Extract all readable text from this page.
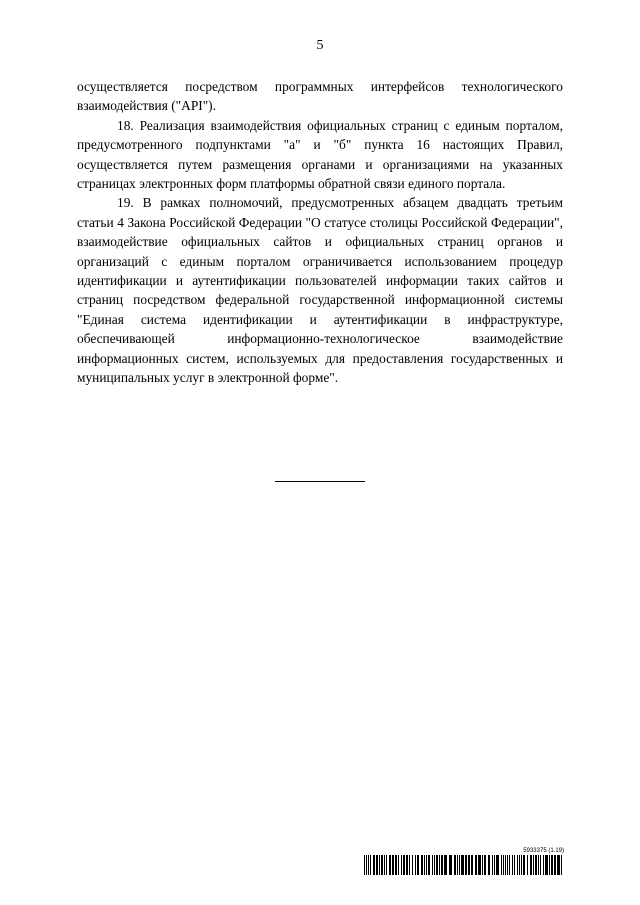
5

осуществляется посредством программных интерфейсов технологического взаимодействия ("API").

18. Реализация взаимодействия официальных страниц с единым порталом, предусмотренного подпунктами "а" и "б" пункта 16 настоящих Правил, осуществляется путем размещения органами и организациями на указанных страницах электронных форм платформы обратной связи единого портала.

19. В рамках полномочий, предусмотренных абзацем двадцать третьим статьи 4 Закона Российской Федерации "О статусе столицы Российской Федерации", взаимодействие официальных сайтов и официальных страниц органов и организаций с единым порталом ограничивается использованием процедур идентификации и аутентификации пользователей информации таких сайтов и страниц посредством федеральной государственной информационной системы "Единая система идентификации и аутентификации в инфраструктуре, обеспечивающей информационно-технологическое взаимодействие информационных систем, используемых для предоставления государственных и муниципальных услуг в электронной форме".

5933375 (1.19)
